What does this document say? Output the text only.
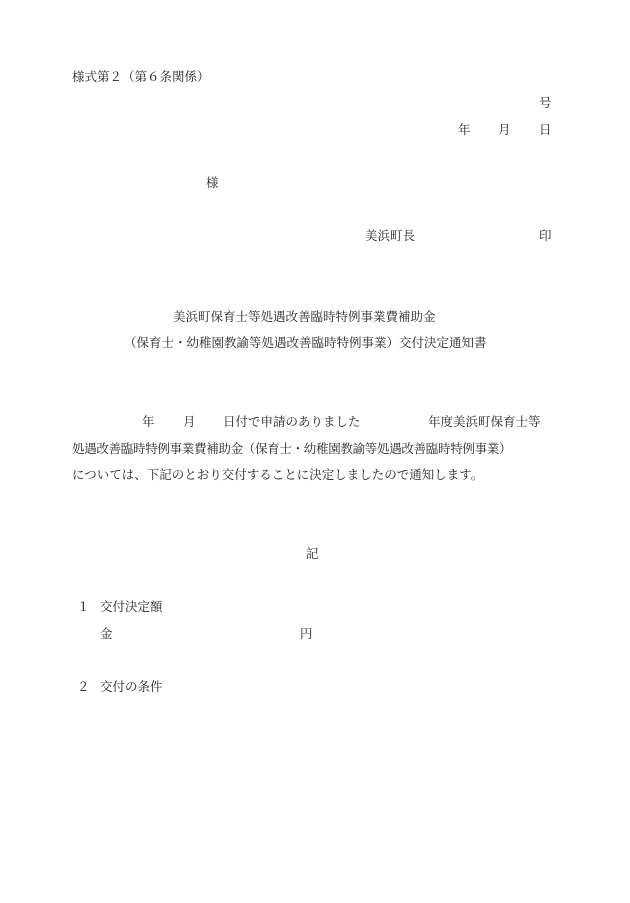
様式第２（第６条関係）
号
年 月 日
様
美浜町長	印
美浜町保育士等処遇改善臨時特例事業費補助金
（保育士・幼稚園教諭等処遇改善臨時特例事業）交付決定通知書
年 月 日付で申請のありました	年度美浜町保育士等
処遇改善臨時特例事業費補助金（保育士・幼稚園教諭等処遇改善臨時特例事業）
については、下記のとおり交付することに決定しましたので通知します。
記
１ 交付決定額
金	円
２ 交付の条件
